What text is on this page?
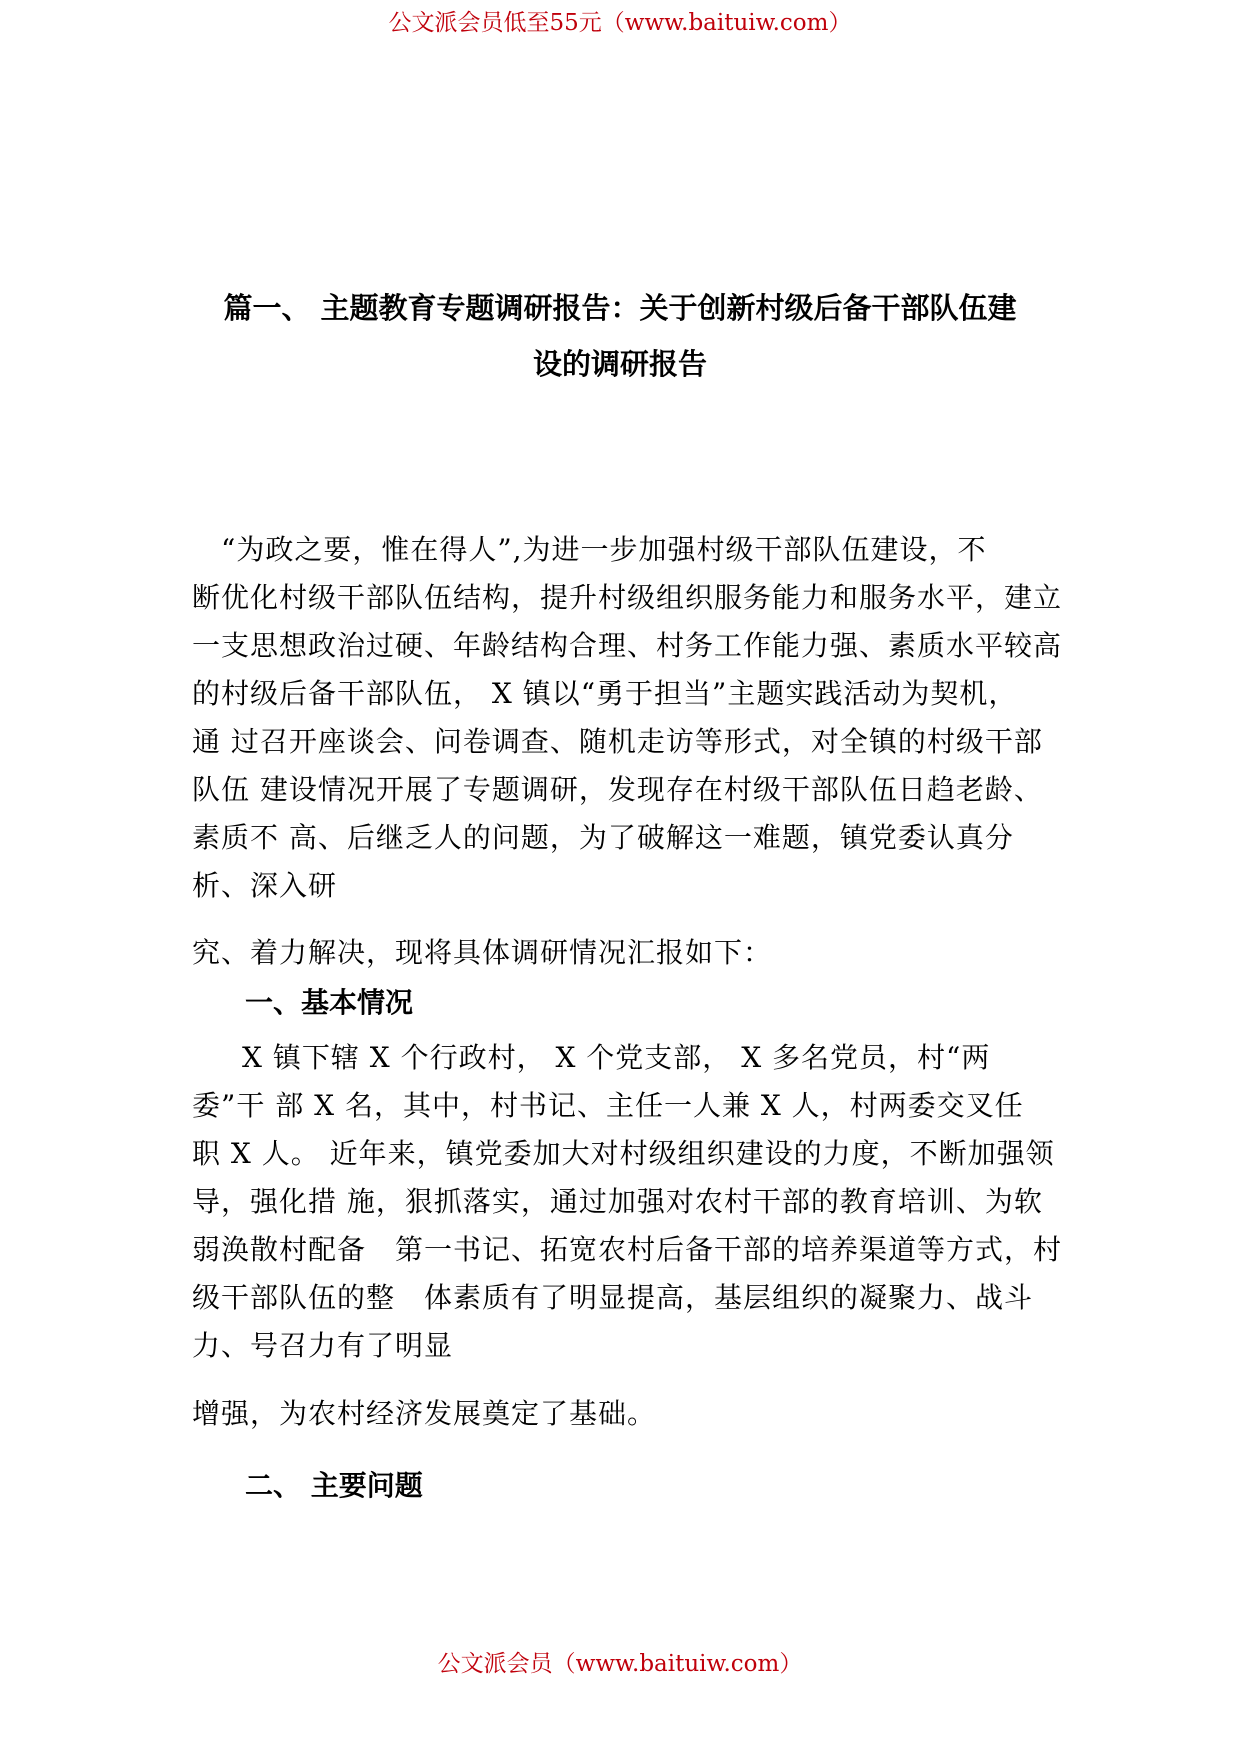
公文派会员低至55元（www.baituiw.com）
篇一、 主题教育专题调研报告：关于创新村级后备干部队伍建
设的调研报告
　“为政之要，惟在得人”,为进一步加强村级干部队伍建设，不
断优化村级干部队伍结构，提升村级组织服务能力和服务水平，建立
一支思想政治过硬、年龄结构合理、村务工作能力强、素质水平较高
的村级后备干部队伍， X 镇以“勇于担当”主题实践活动为契机，
通 过召开座谈会、问卷调查、随机走访等形式，对全镇的村级干部
队伍 建设情况开展了专题调研，发现存在村级干部队伍日趋老龄、
素质不 高、后继乏人的问题，为了破解这一难题，镇党委认真分
析、深入研
究、着力解决，现将具体调研情况汇报如下：
一、基本情况
X 镇下辖 X 个行政村， X 个党支部， X 多名党员，村“两
委”干 部 X 名，其中，村书记、主任一人兼 X 人，村两委交叉任
职 X 人。 近年来，镇党委加大对村级组织建设的力度，不断加强领
导，强化措 施，狠抓落实，通过加强对农村干部的教育培训、为软
弱涣散村配备　第一书记、拓宽农村后备干部的培养渠道等方式，村
级干部队伍的整　体素质有了明显提高，基层组织的凝聚力、战斗
力、号召力有了明显
增强，为农村经济发展奠定了基础。
二、 主要问题
公文派会员（www.baituiw.com）
